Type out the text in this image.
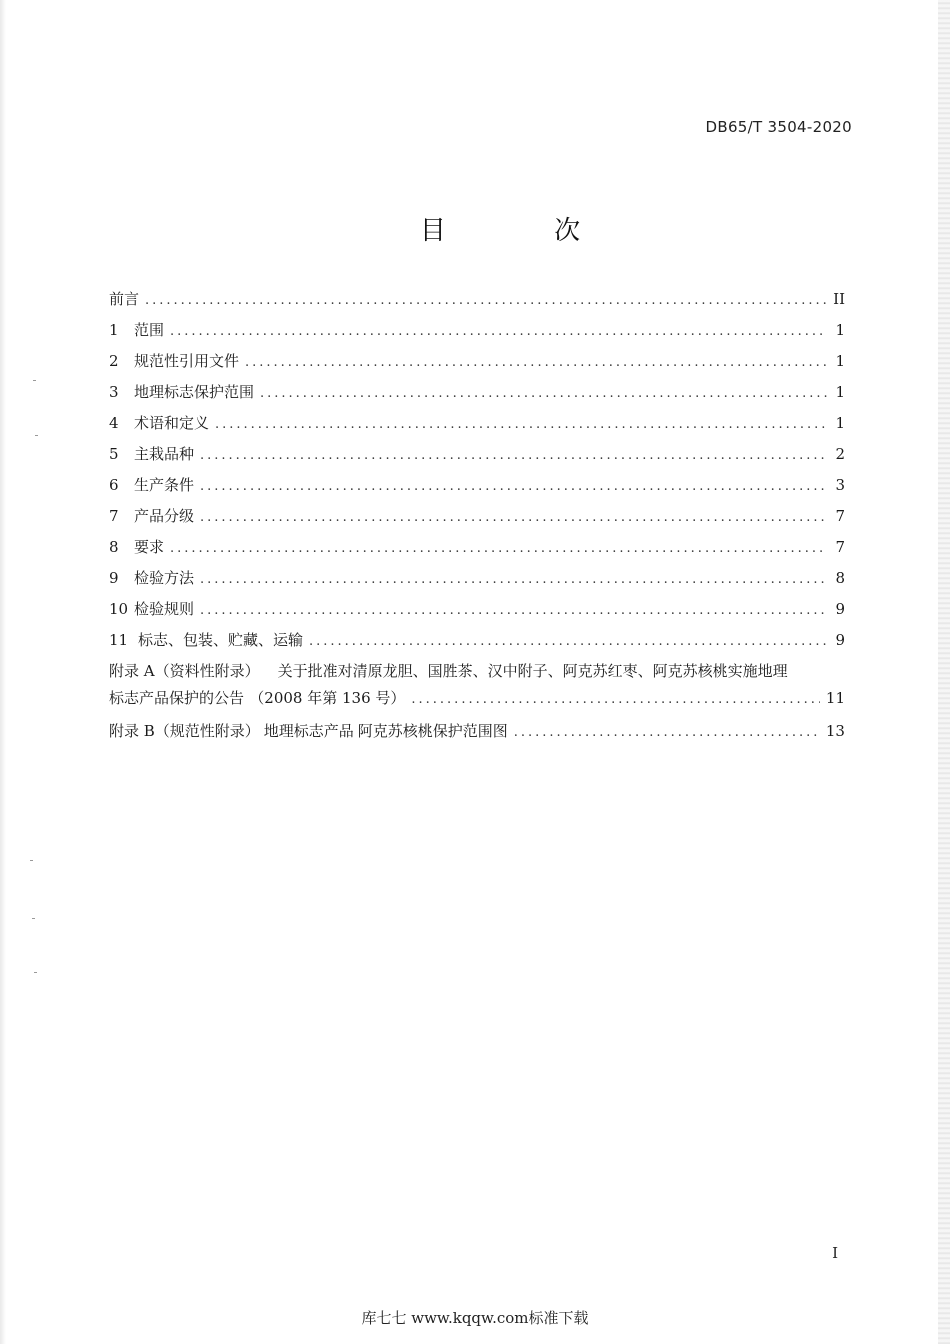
DB65/T 3504-2020
目 次
前言 .....	II
1	范围 .....	1
2	规范性引用文件 .....	1
3	地理标志保护范围 .....	1
4	术语和定义 .....	1
5	主栽品种 .....	2
6	生产条件 .....	3
7	产品分级 .....	7
8	要求 .....	7
9	检验方法 .....	8
10 检验规则 .....	9
11 标志、包装、贮藏、运输 .....	9
附录 A（资料性附录） 关于批准对清原龙胆、国胜茶、汉中附子、阿克苏红枣、阿克苏核桃实施地理
标志产品保护的公告 （2008 年第 136 号） .....	11
附录 B（规范性附录） 地理标志产品 阿克苏核桃保护范围图 .....	13
I
库七七 www.kqqw.com标准下载
